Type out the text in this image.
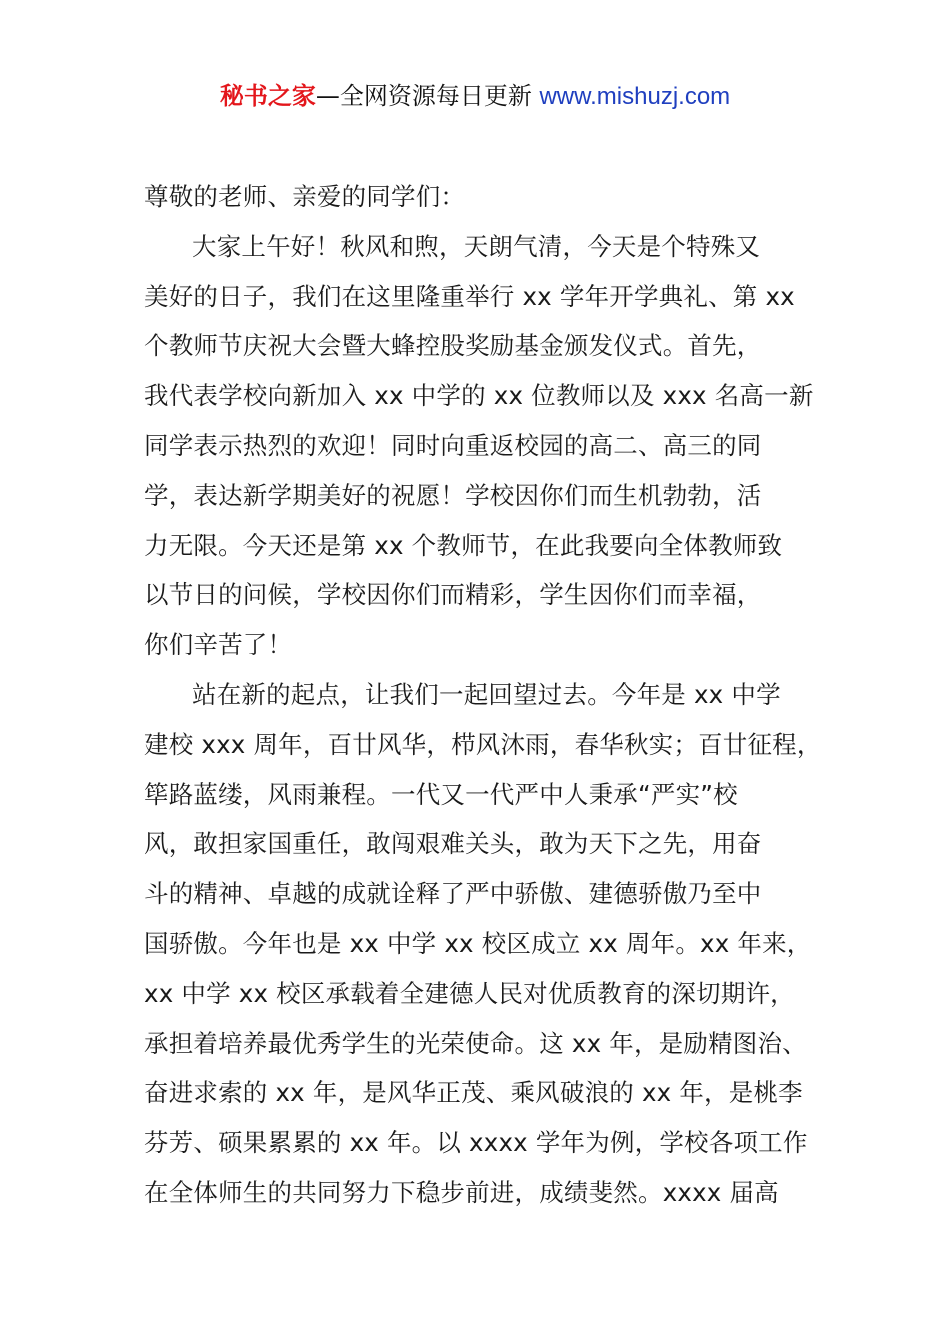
秘书之家—全网资源每日更新 www.mishuzj.com
尊敬的老师、亲爱的同学们：
大家上午好！秋风和煦，天朗气清，今天是个特殊又
美好的日子，我们在这里隆重举行 xx 学年开学典礼、第 xx
个教师节庆祝大会暨大蜂控股奖励基金颁发仪式。首先，
我代表学校向新加入 xx 中学的 xx 位教师以及 xxx 名高一新
同学表示热烈的欢迎！同时向重返校园的高二、高三的同
学，表达新学期美好的祝愿！学校因你们而生机勃勃，活
力无限。今天还是第 xx 个教师节，在此我要向全体教师致
以节日的问候，学校因你们而精彩，学生因你们而幸福，
你们辛苦了！
站在新的起点，让我们一起回望过去。今年是 xx 中学
建校 xxx 周年，百廿风华，栉风沐雨，春华秋实；百廿征程，
筚路蓝缕，风雨兼程。一代又一代严中人秉承“严实”校
风，敢担家国重任，敢闯艰难关头，敢为天下之先，用奋
斗的精神、卓越的成就诠释了严中骄傲、建德骄傲乃至中
国骄傲。今年也是 xx 中学 xx 校区成立 xx 周年。xx 年来，
xx 中学 xx 校区承载着全建德人民对优质教育的深切期许，
承担着培养最优秀学生的光荣使命。这 xx 年，是励精图治、
奋进求索的 xx 年，是风华正茂、乘风破浪的 xx 年，是桃李
芬芳、硕果累累的 xx 年。以 xxxx 学年为例，学校各项工作
在全体师生的共同努力下稳步前进，成绩斐然。xxxx 届高
